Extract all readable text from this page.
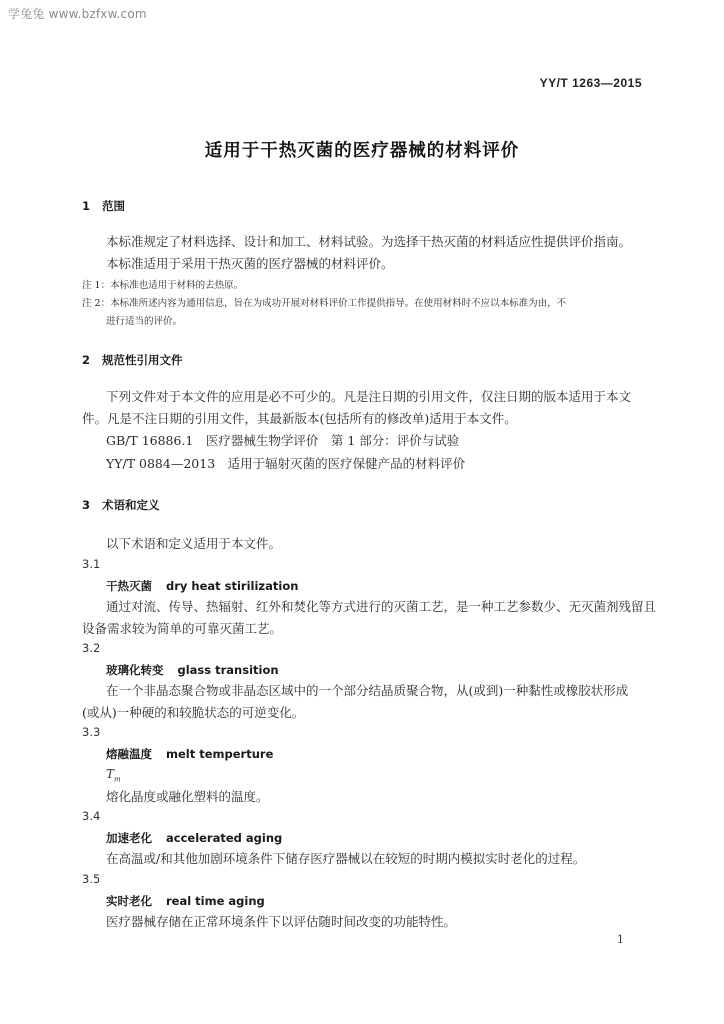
学兔兔 www.bzfxw.com
YY/T 1263—2015
适用于干热灭菌的医疗器械的材料评价
1 范围
本标准规定了材料选择、设计和加工、材料试验。为选择干热灭菌的材料适应性提供评价指南。
本标准适用于采用干热灭菌的医疗器械的材料评价。
注 1：本标准也适用于材料的去热原。
注 2：本标准所述内容为通用信息，旨在为成功开展对材料评价工作提供指导。在使用材料时不应以本标准为由，不
进行适当的评价。
2 规范性引用文件
下列文件对于本文件的应用是必不可少的。凡是注日期的引用文件，仅注日期的版本适用于本文
件。凡是不注日期的引用文件，其最新版本(包括所有的修改单)适用于本文件。
GB/T 16886.1　医疗器械生物学评价　第 1 部分：评价与试验
YY/T 0884—2013　适用于辐射灭菌的医疗保健产品的材料评价
3 术语和定义
以下术语和定义适用于本文件。
3.1
干热灭菌 dry heat stirilization
通过对流、传导、热辐射、红外和焚化等方式进行的灭菌工艺，是一种工艺参数少、无灭菌剂残留且
设备需求较为简单的可靠灭菌工艺。
3.2
玻璃化转变 glass transition
在一个非晶态聚合物或非晶态区域中的一个部分结晶质聚合物，从(或到)一种黏性或橡胶状形成
(或从)一种硬的和较脆状态的可逆变化。
3.3
熔融温度 melt temperture
$T_m$
熔化晶度或融化塑料的温度。
3.4
加速老化 accelerated aging
在高温或/和其他加剧环境条件下储存医疗器械以在较短的时期内模拟实时老化的过程。
3.5
实时老化 real time aging
医疗器械存储在正常环境条件下以评估随时间改变的功能特性。
1
